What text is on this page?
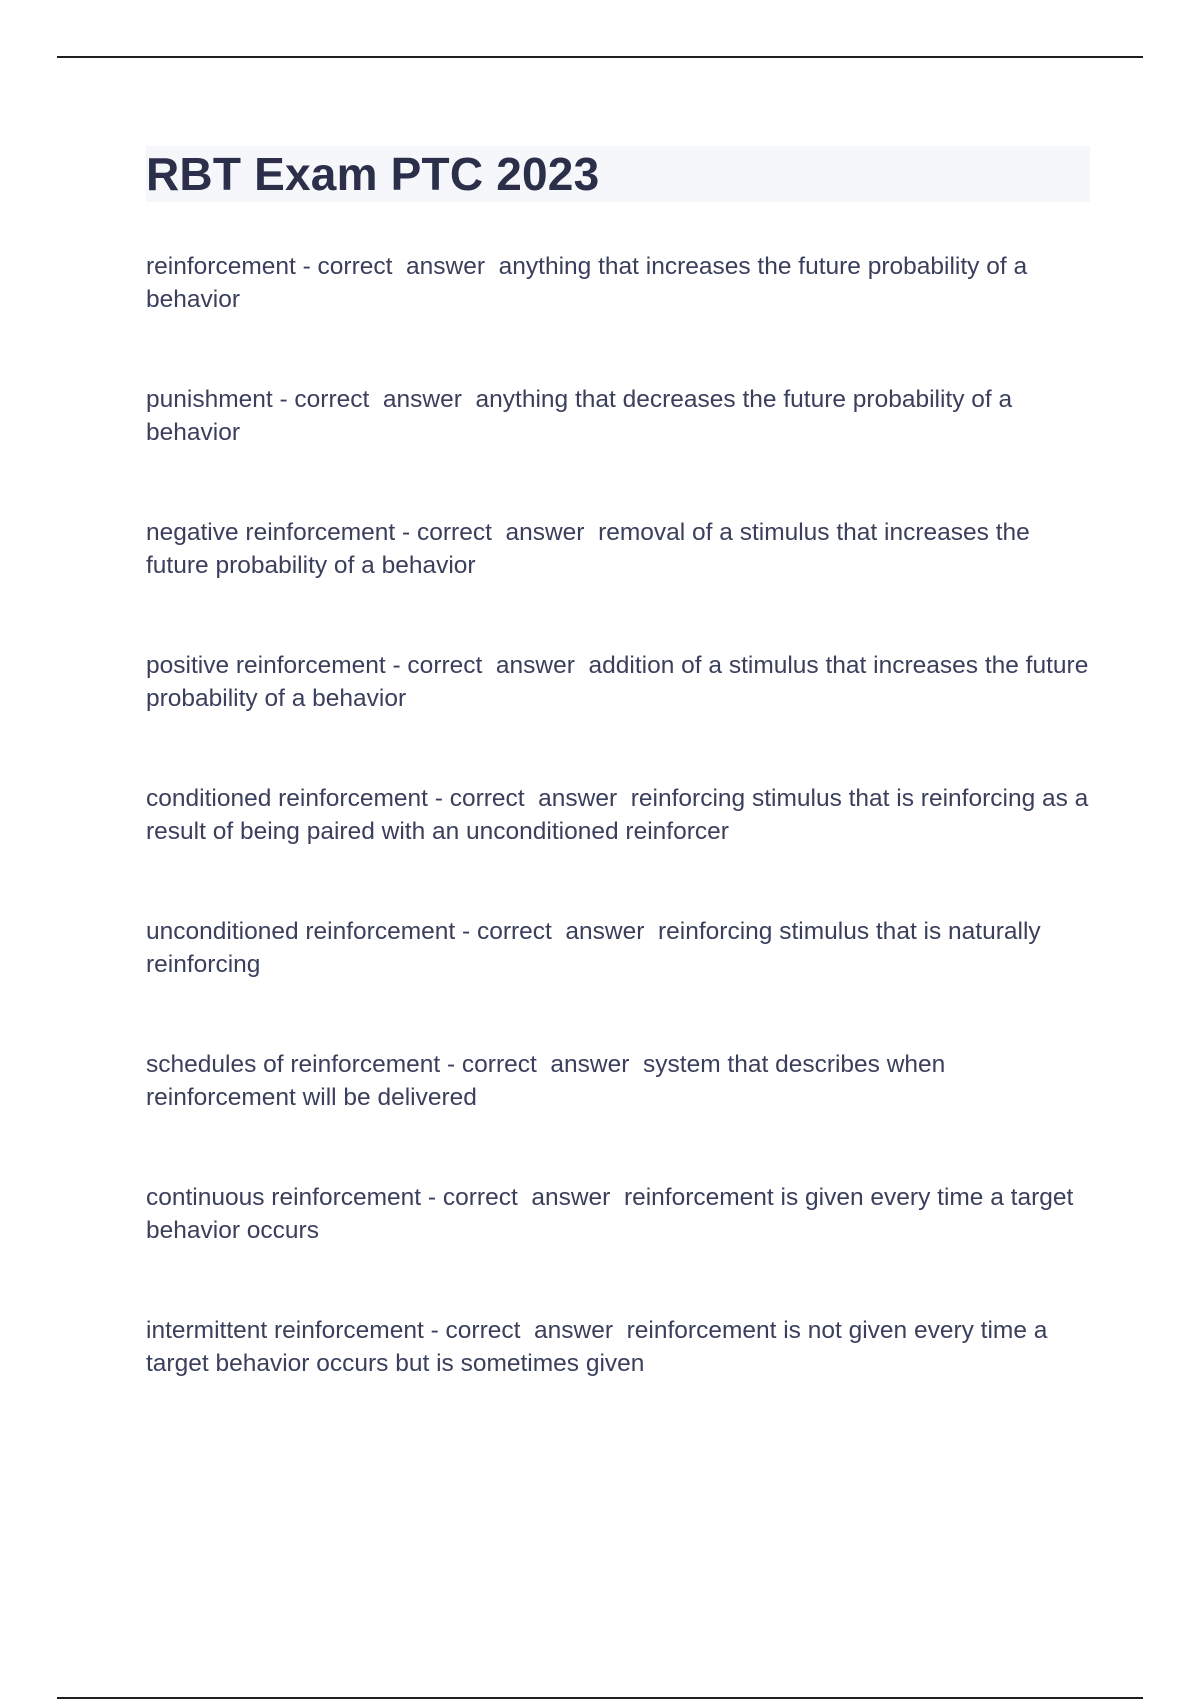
RBT Exam PTC 2023

reinforcement - correct  answer  anything that increases the future probability of a behavior

punishment - correct  answer  anything that decreases the future probability of a behavior

negative reinforcement - correct  answer  removal of a stimulus that increases the future probability of a behavior

positive reinforcement - correct  answer  addition of a stimulus that increases the future probability of a behavior

conditioned reinforcement - correct  answer  reinforcing stimulus that is reinforcing as a result of being paired with an unconditioned reinforcer

unconditioned reinforcement - correct  answer  reinforcing stimulus that is naturally reinforcing

schedules of reinforcement - correct  answer  system that describes when reinforcement will be delivered

continuous reinforcement - correct  answer  reinforcement is given every time a target behavior occurs

intermittent reinforcement - correct  answer  reinforcement is not given every time a target behavior occurs but is sometimes given
